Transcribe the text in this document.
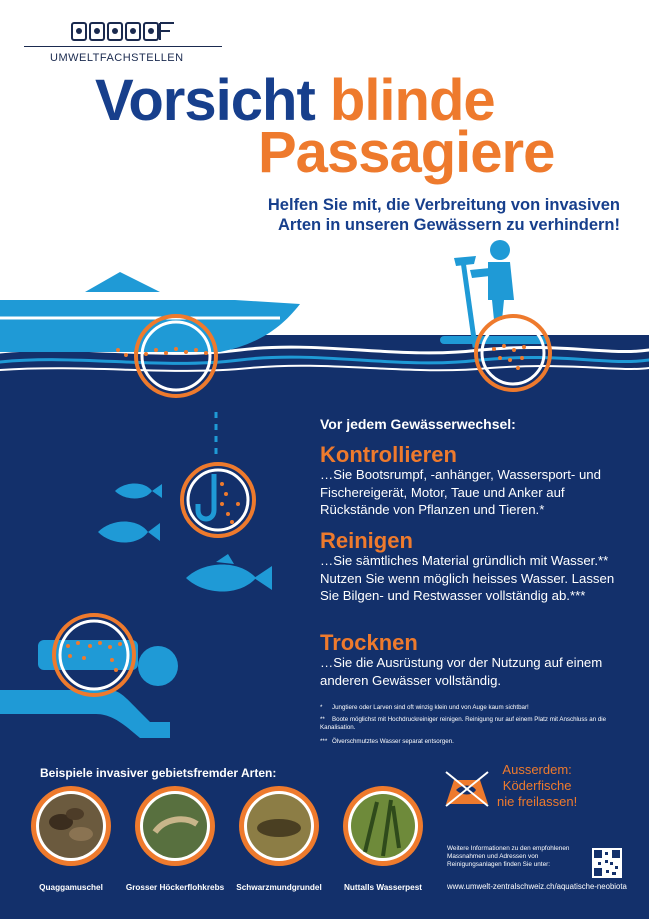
UMWELTFACHSTELLEN
Vorsicht blinde
Passagiere
Helfen Sie mit, die Verbreitung von invasiven
Arten in unseren Gewässern zu verhindern!
Vor jedem Gewässerwechsel:
Kontrollieren
…Sie Bootsrumpf, -anhänger, Wassersport- und Fischereigerät, Motor, Taue und Anker auf Rückstände von Pflanzen und Tieren.*
Reinigen
…Sie sämtliches Material gründlich mit Wasser.** Nutzen Sie wenn möglich heisses Wasser. Lassen Sie Bilgen- und Restwasser vollständig ab.***
Trocknen
…Sie die Ausrüstung vor der Nutzung auf einem anderen Gewässer vollständig.
* Jungtiere oder Larven sind oft winzig klein und von Auge kaum sichtbar!
** Boote möglichst mit Hochdruckreiniger reinigen. Reinigung nur auf einem Platz mit Anschluss an die Kanalisation.
*** Ölverschmutztes Wasser separat entsorgen.
Beispiele invasiver gebietsfremder Arten:
Quaggamuschel	Grosser Höckerflohkrebs	Schwarzmundgrundel	Nuttalls Wasserpest
Ausserdem:
Köderfische
nie freilassen!
Weitere Informationen zu den empfohlenen Massnahmen und Adressen von Reinigungsanlagen finden Sie unter:
www.umwelt-zentralschweiz.ch/aquatische-neobiota
